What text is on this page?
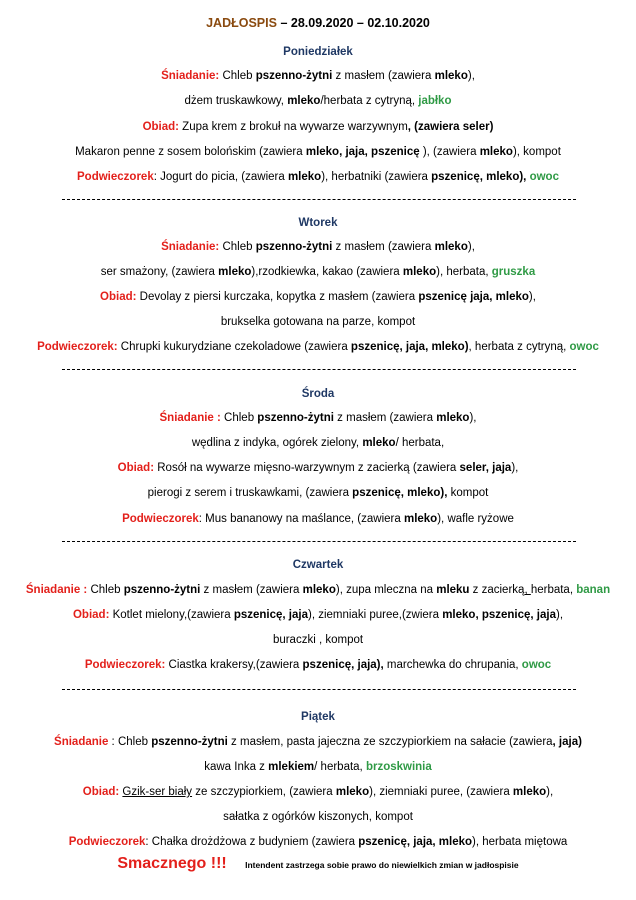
JADŁOSPIS – 28.09.2020 – 02.10.2020
Poniedziałek
Śniadanie: Chleb pszenno-żytni z masłem (zawiera mleko),
dżem truskawkowy, mleko/herbata z cytryną, jabłko
Obiad: Zupa krem z brokuł na wywarze warzywnym, (zawiera seler)
Makaron penne z sosem bolońskim (zawiera mleko, jaja, pszenicę ), (zawiera mleko), kompot
Podwieczorek: Jogurt do picia, (zawiera mleko), herbatniki (zawiera pszenicę, mleko), owoc
Wtorek
Śniadanie: Chleb pszenno-żytni z masłem (zawiera mleko),
ser smażony, (zawiera mleko),rzodkiewka, kakao (zawiera mleko), herbata, gruszka
Obiad: Devolay z piersi kurczaka, kopytka z masłem (zawiera pszenicę jaja, mleko),
brukselka gotowana na parze, kompot
Podwieczorek: Chrupki kukurydziane czekoladowe (zawiera pszenicę, jaja, mleko), herbata z cytryną, owoc
Środa
Śniadanie : Chleb pszenno-żytni z masłem (zawiera mleko),
wędlina z indyka, ogórek zielony, mleko/ herbata,
Obiad: Rosół na wywarze mięsno-warzywnym z zacierką (zawiera seler, jaja),
pierogi z serem i truskawkami, (zawiera pszenicę, mleko), kompot
Podwieczorek: Mus bananowy na maślance, (zawiera mleko), wafle ryżowe
Czwartek
Śniadanie : Chleb pszenno-żytni z masłem (zawiera mleko), zupa mleczna na mleku z zacierką, herbata, banan
Obiad: Kotlet mielony,(zawiera pszenicę, jaja), ziemniaki puree,(zwiera mleko, pszenicę, jaja),
buraczki , kompot
Podwieczorek: Ciastka krakersy,(zawiera pszenicę, jaja), marchewka do chrupania, owoc
Piątek
Śniadanie : Chleb pszenno-żytni z masłem, pasta jajeczna ze szczypiorkiem na sałacie (zawiera, jaja)
kawa Inka z mlekiem/ herbata, brzoskwinia
Obiad: Gzik-ser biały ze szczypiorkiem, (zawiera mleko), ziemniaki puree, (zawiera mleko),
sałatka z ogórków kiszonych, kompot
Podwieczorek: Chałka drożdżowa z budyniem (zawiera pszenicę, jaja, mleko), herbata miętowa
Smacznego !!! Intendent zastrzega sobie prawo do niewielkich zmian w jadłospisie
